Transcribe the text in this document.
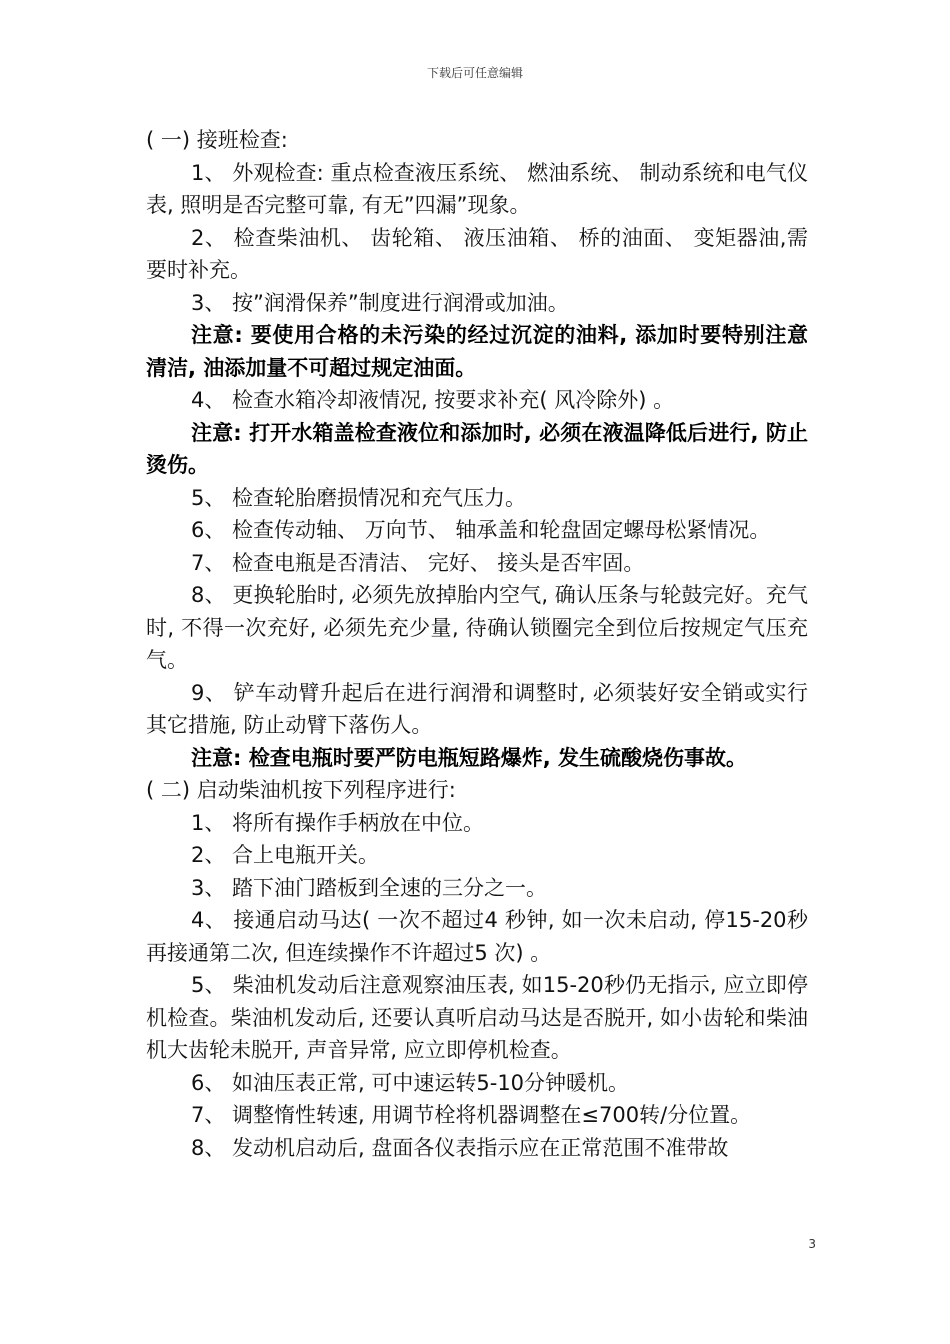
下载后可任意编辑

( 一) 接班检查:

1、 外观检查: 重点检查液压系统、 燃油系统、 制动系统和电气仪表, 照明是否完整可靠, 有无”四漏”现象。

2、 检查柴油机、 齿轮箱、 液压油箱、 桥的油面、 变矩器油,需要时补充。

3、 按”润滑保养”制度进行润滑或加油。

注意: 要使用合格的未污染的经过沉淀的油料, 添加时要特别注意清洁, 油添加量不可超过规定油面。

4、 检查水箱冷却液情况, 按要求补充( 风冷除外) 。

注意: 打开水箱盖检查液位和添加时, 必须在液温降低后进行, 防止烫伤。

5、 检查轮胎磨损情况和充气压力。

6、 检查传动轴、 万向节、 轴承盖和轮盘固定螺母松紧情况。

7、 检查电瓶是否清洁、 完好、 接头是否牢固。

8、 更换轮胎时, 必须先放掉胎内空气, 确认压条与轮鼓完好。充气时, 不得一次充好, 必须先充少量, 待确认锁圈完全到位后按规定气压充气。

9、 铲车动臂升起后在进行润滑和调整时, 必须装好安全销或实行其它措施, 防止动臂下落伤人。

注意: 检查电瓶时要严防电瓶短路爆炸, 发生硫酸烧伤事故。

( 二) 启动柴油机按下列程序进行:

1、 将所有操作手柄放在中位。

2、 合上电瓶开关。

3、 踏下油门踏板到全速的三分之一。

4、 接通启动马达( 一次不超过4 秒钟, 如一次未启动, 停15-20秒再接通第二次, 但连续操作不许超过5 次) 。

5、 柴油机发动后注意观察油压表, 如15-20秒仍无指示, 应立即停机检查。柴油机发动后, 还要认真听启动马达是否脱开, 如小齿轮和柴油机大齿轮未脱开, 声音异常, 应立即停机检查。

6、 如油压表正常, 可中速运转5-10分钟暖机。

7、 调整惰性转速, 用调节栓将机器调整在≤700转/分位置。

8、 发动机启动后, 盘面各仪表指示应在正常范围不准带故

3
